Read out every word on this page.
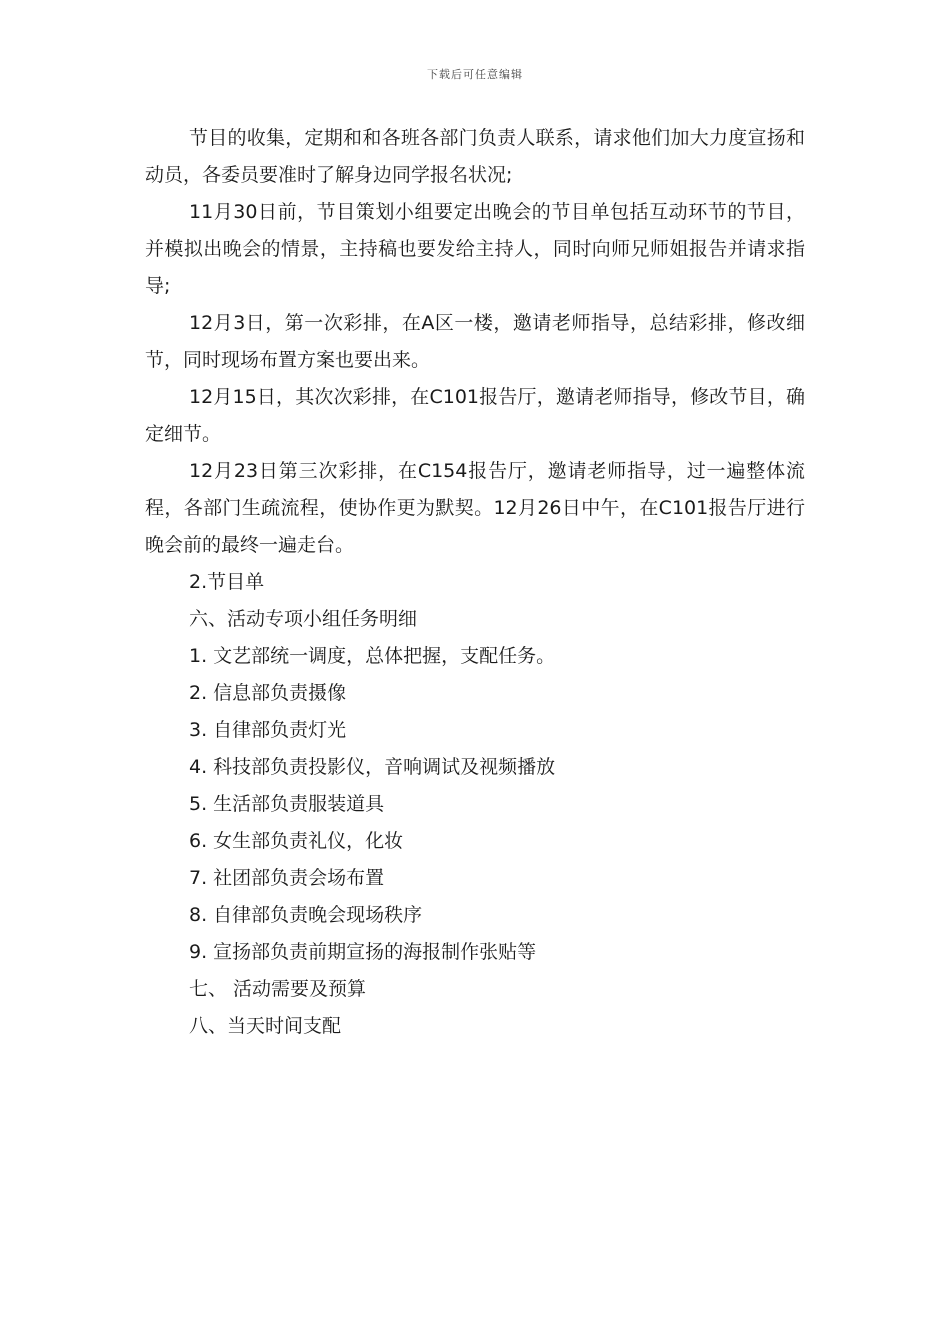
下载后可任意编辑

节目的收集，定期和和各班各部门负责人联系，请求他们加大力度宣扬和动员，各委员要准时了解身边同学报名状况;

11月30日前，节目策划小组要定出晚会的节目单包括互动环节的节目，并模拟出晚会的情景，主持稿也要发给主持人，同时向师兄师姐报告并请求指导;

12月3日，第一次彩排，在A区一楼，邀请老师指导，总结彩排，修改细节，同时现场布置方案也要出来。

12月15日，其次次彩排，在C101报告厅，邀请老师指导，修改节目，确定细节。

12月23日第三次彩排，在C154报告厅，邀请老师指导，过一遍整体流程，各部门生疏流程，使协作更为默契。12月26日中午，在C101报告厅进行晚会前的最终一遍走台。

2.节目单

六、活动专项小组任务明细

1. 文艺部统一调度，总体把握，支配任务。

2. 信息部负责摄像

3. 自律部负责灯光

4. 科技部负责投影仪，音响调试及视频播放

5. 生活部负责服装道具

6. 女生部负责礼仪，化妆

7. 社团部负责会场布置

8. 自律部负责晚会现场秩序

9. 宣扬部负责前期宣扬的海报制作张贴等

七、 活动需要及预算

八、当天时间支配
